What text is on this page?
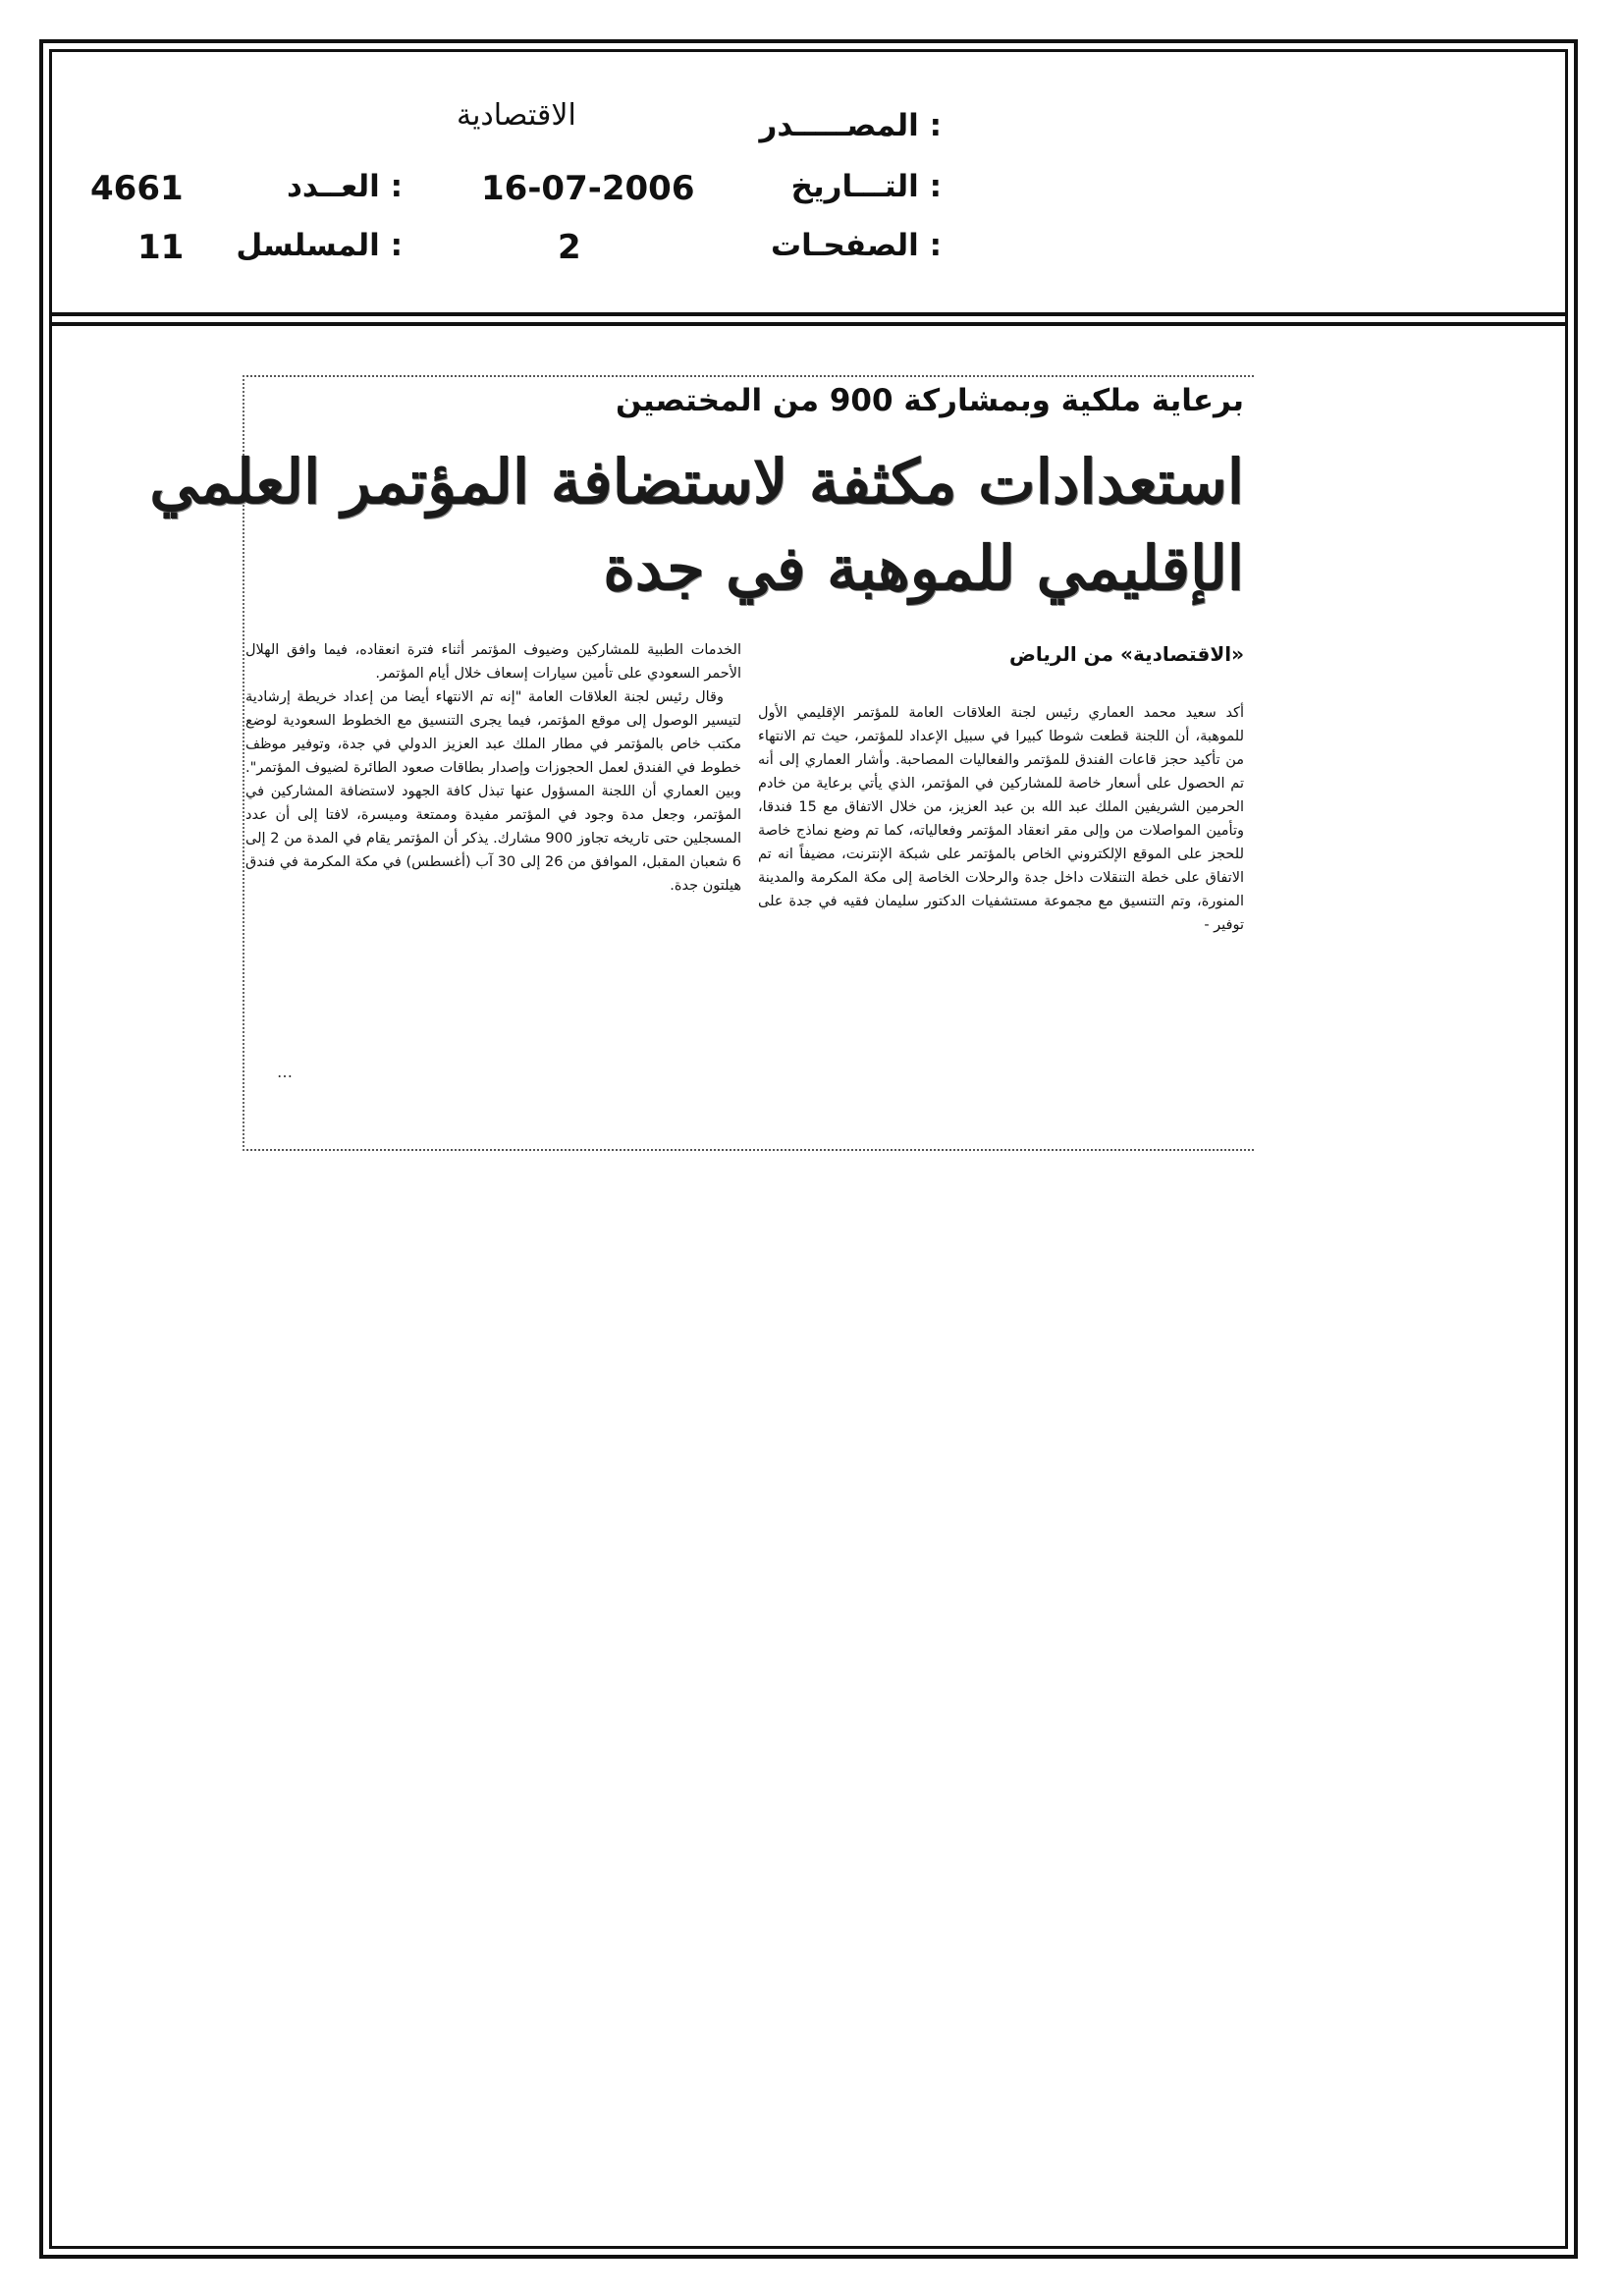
المصـــــدر :
الاقتصادية
التـــاريخ :
16-07-2006
العــدد :
4661
الصفحـات :
2
المسلسل :
11
برعاية ملكية وبمشاركة 900 من المختصين
استعدادات مكثفة لاستضافة المؤتمر العلمي
الإقليمي للموهبة في جدة
«الاقتصادية» من الرياض

أكد سعيد محمد العماري رئيس لجنة العلاقات العامة للمؤتمر الإقليمي الأول للموهبة، أن اللجنة قطعت شوطا كبيرا في سبيل الإعداد للمؤتمر، حيث تم الانتهاء من تأكيد حجز قاعات الفندق للمؤتمر والفعاليات المصاحبة. وأشار العماري إلى أنه تم الحصول على أسعار خاصة للمشاركين في المؤتمر، الذي يأتي برعاية من خادم الحرمين الشريفين الملك عبد الله بن عبد العزيز، من خلال الاتفاق مع 15 فندقا، وتأمين المواصلات من وإلى مقر انعقاد المؤتمر وفعالياته، كما تم وضع نماذج خاصة للحجز على الموقع الإلكتروني الخاص بالمؤتمر على شبكة الإنترنت، مضيفاً انه تم الاتفاق على خطة التنقلات داخل جدة والرحلات الخاصة إلى مكة المكرمة والمدينة المنورة، وتم التنسيق مع مجموعة مستشفيات الدكتور سليمان فقيه في جدة على توفير -

الخدمات الطبية للمشاركين وضيوف المؤتمر أثناء فترة انعقاده، فيما وافق الهلال الأحمر السعودي على تأمين سيارات إسعاف خلال أيام المؤتمر.

وقال رئيس لجنة العلاقات العامة "إنه تم الانتهاء أيضا من إعداد خريطة إرشادية لتيسير الوصول إلى موقع المؤتمر، فيما يجرى التنسيق مع الخطوط السعودية لوضع مكتب خاص بالمؤتمر في مطار الملك عبد العزيز الدولي في جدة، وتوفير موظف خطوط في الفندق لعمل الحجوزات وإصدار بطاقات صعود الطائرة لضيوف المؤتمر". وبين العماري أن اللجنة المسؤول عنها تبذل كافة الجهود لاستضافة المشاركين في المؤتمر، وجعل مدة وجود في المؤتمر مفيدة وممتعة وميسرة، لافتا إلى أن عدد المسجلين حتى تاريخه تجاوز 900 مشارك. يذكر أن المؤتمر يقام في المدة من 2 إلى 6 شعبان المقبل، الموافق من 26 إلى 30 آب (أغسطس) في مكة المكرمة في فندق هيلتون جدة.

…
